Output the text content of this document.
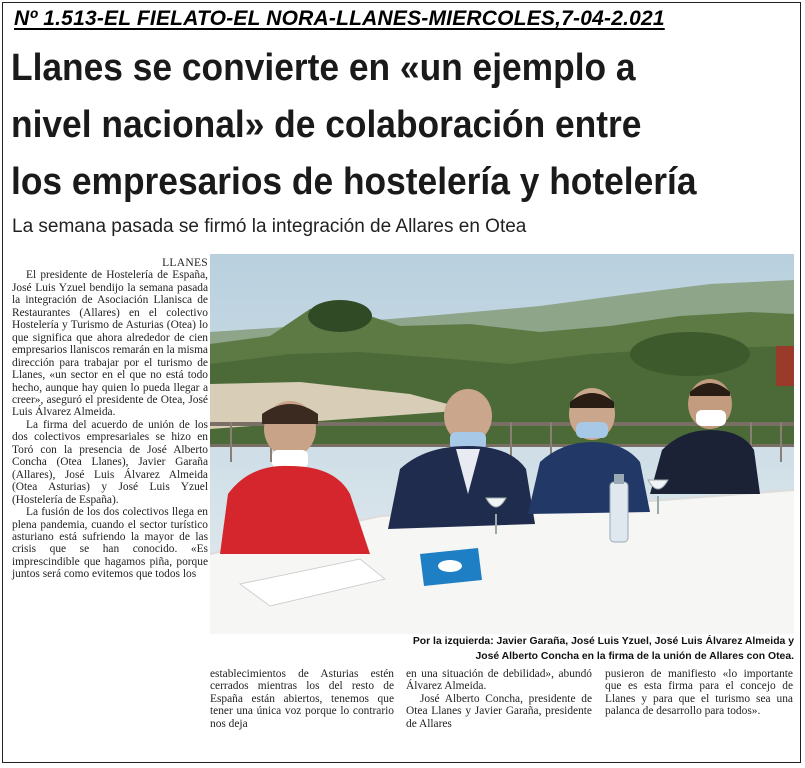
Nº 1.513-EL FIELATO-EL NORA-LLANES-MIERCOLES,7-04-2.021
Llanes se convierte en «un ejemplo a
nivel nacional» de colaboración entre
los empresarios de hostelería y hotelería
La semana pasada se firmó la integración de Allares en Otea

LLANES

El presidente de Hostelería de España, José Luis Yzuel bendijo la semana pasada la integración de Asociación Llanisca de Restaurantes (Allares) en el colectivo Hostelería y Turismo de Asturias (Otea) lo que significa que ahora alrededor de cien empresarios llaniscos remarán en la misma dirección para trabajar por el turismo de Llanes, «un sector en el que no está todo hecho, aunque hay quien lo pueda llegar a creer», aseguró el presidente de Otea, José Luis Álvarez Almeida.

La firma del acuerdo de unión de los dos colectivos empresariales se hizo en Toró con la presencia de José Alberto Concha (Otea Llanes), Javier Garaña (Allares), José Luis Álvarez Almeida (Otea Asturias) y José Luis Yzuel (Hostelería de España).

La fusión de los dos colectivos llega en plena pandemia, cuando el sector turístico asturiano está sufriendo la mayor de las crisis que se han conocido. «Es imprescindible que hagamos piña, porque juntos será como evitemos que todos los

Por la izquierda: Javier Garaña, José Luis Yzuel, José Luis Álvarez Almeida y
José Alberto Concha en la firma de la unión de Allares con Otea.

establecimientos de Asturias estén cerrados mientras los del resto de España están abiertos, tenemos que tener una única voz porque lo contrario nos deja

en una situación de debilidad», abundó Álvarez Almeida.

José Alberto Concha, presidente de Otea Llanes y Javier Garaña, presidente de Allares

pusieron de manifiesto «lo importante que es esta firma para el concejo de Llanes y para que el turismo sea una palanca de desarrollo para todos».
